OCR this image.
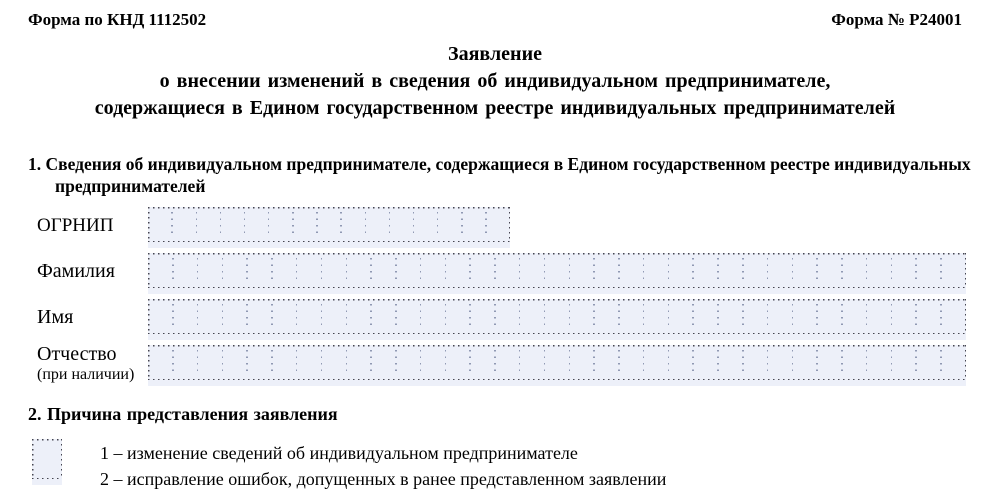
Форма по КНД 1112502	Форма № Р24001
Заявление
о внесении изменений в сведения об индивидуальном предпринимателе,
содержащиеся в Едином государственном реестре индивидуальных предпринимателей
1. Сведения об индивидуальном предпринимателе, содержащиеся в Едином государственном реестре индивидуальных
предпринимателей
ОГРНИП
Фамилия
Имя
Отчество
(при наличии)
2. Причина представления заявления
1 – изменение сведений об индивидуальном предпринимателе
2 – исправление ошибок, допущенных в ранее представленном заявлении
